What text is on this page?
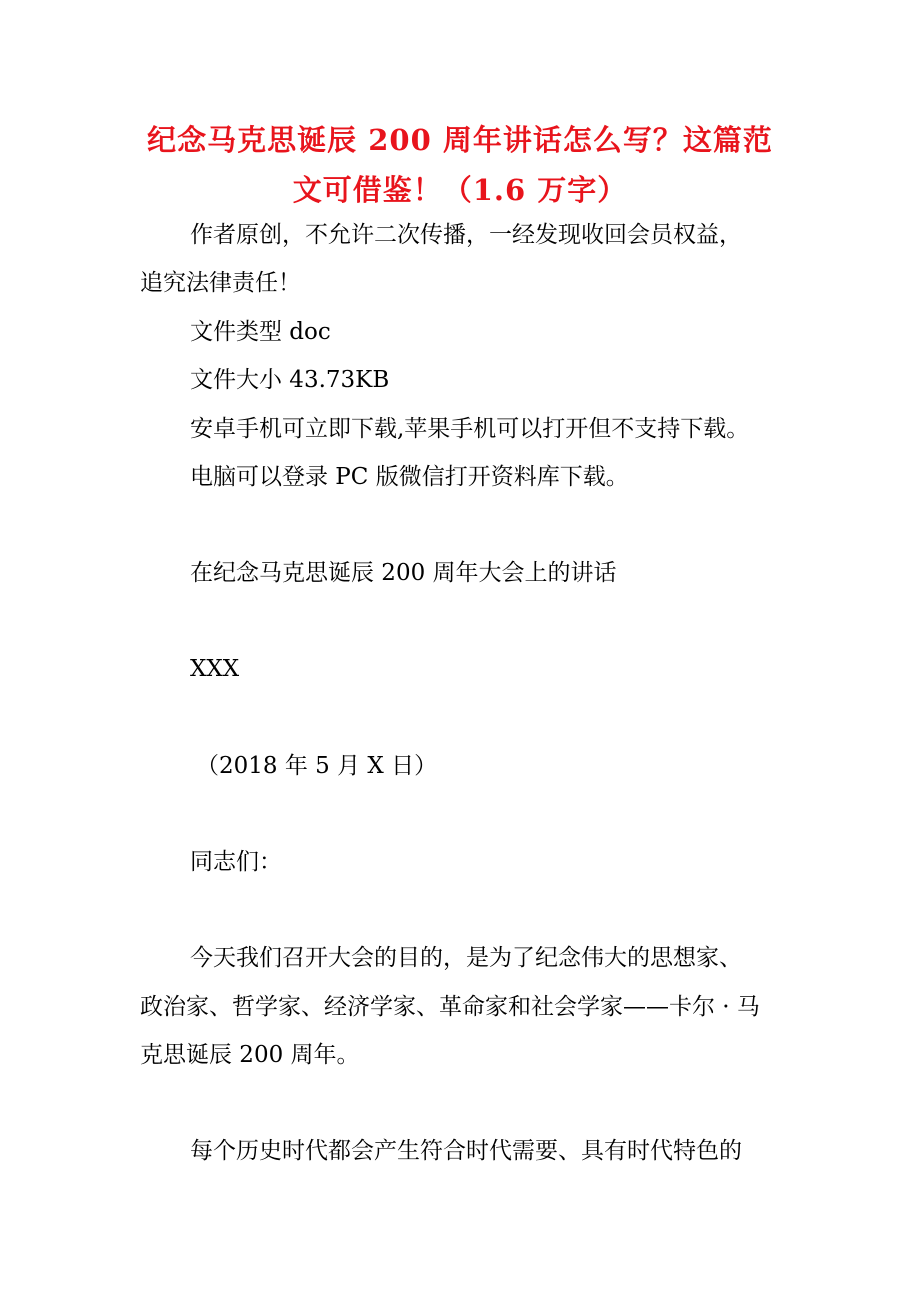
纪念马克思诞辰 200 周年讲话怎么写？这篇范
文可借鉴！（1.6 万字）
作者原创，不允许二次传播，一经发现收回会员权益，
追究法律责任！
文件类型 doc
文件大小 43.73KB
安卓手机可立即下载,苹果手机可以打开但不支持下载。
电脑可以登录 PC 版微信打开资料库下载。
在纪念马克思诞辰 200 周年大会上的讲话
XXX
（2018 年 5 月 X 日）
同志们：
今天我们召开大会的目的，是为了纪念伟大的思想家、
政治家、哲学家、经济学家、革命家和社会学家——卡尔 · 马
克思诞辰 200 周年。
每个历史时代都会产生符合时代需要、具有时代特色的
